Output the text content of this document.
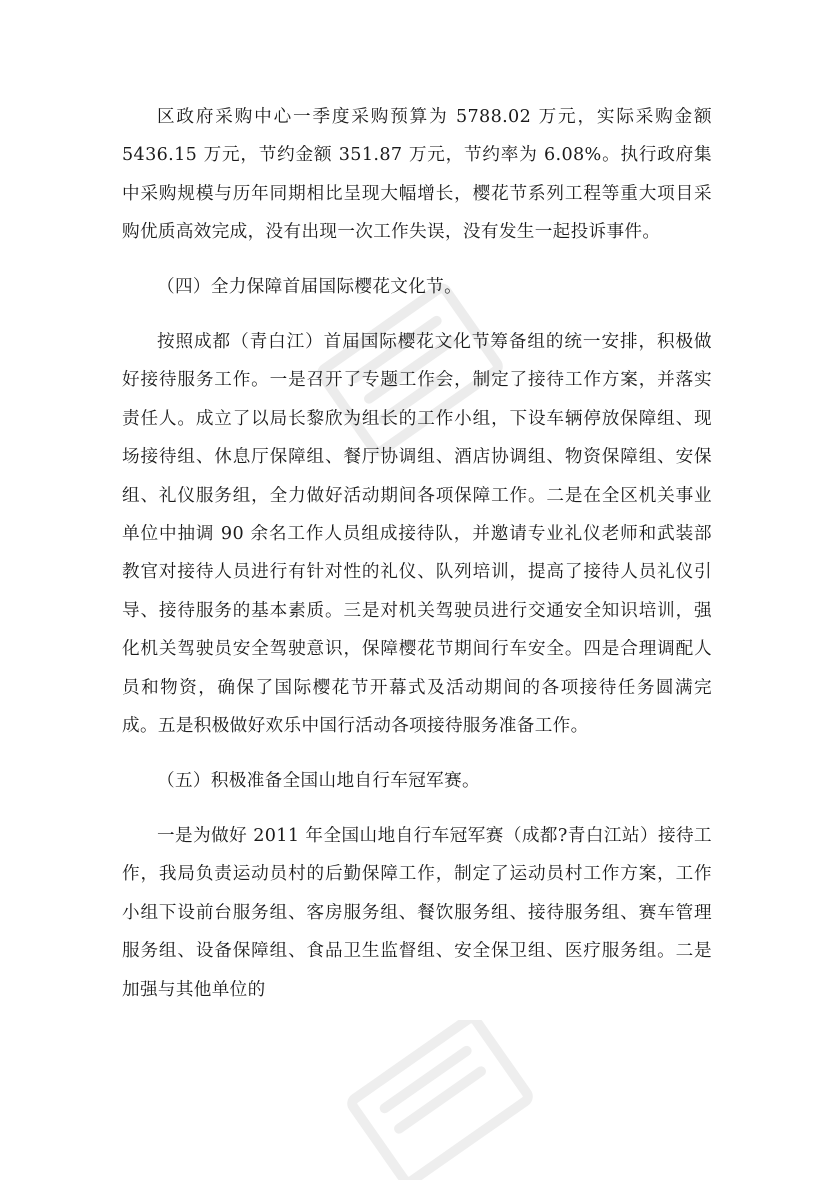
区政府采购中心一季度采购预算为 5788.02 万元，实际采购金额 5436.15 万元，节约金额 351.87 万元，节约率为 6.08%。执行政府集中采购规模与历年同期相比呈现大幅增长，樱花节系列工程等重大项目采购优质高效完成，没有出现一次工作失误，没有发生一起投诉事件。

（四）全力保障首届国际樱花文化节。

按照成都（青白江）首届国际樱花文化节筹备组的统一安排，积极做好接待服务工作。一是召开了专题工作会，制定了接待工作方案，并落实责任人。成立了以局长黎欣为组长的工作小组，下设车辆停放保障组、现场接待组、休息厅保障组、餐厅协调组、酒店协调组、物资保障组、安保组、礼仪服务组，全力做好活动期间各项保障工作。二是在全区机关事业单位中抽调 90 余名工作人员组成接待队，并邀请专业礼仪老师和武装部教官对接待人员进行有针对性的礼仪、队列培训，提高了接待人员礼仪引导、接待服务的基本素质。三是对机关驾驶员进行交通安全知识培训，强化机关驾驶员安全驾驶意识，保障樱花节期间行车安全。四是合理调配人员和物资，确保了国际樱花节开幕式及活动期间的各项接待任务圆满完成。五是积极做好欢乐中国行活动各项接待服务准备工作。

（五）积极准备全国山地自行车冠军赛。

一是为做好 2011 年全国山地自行车冠军赛（成都?青白江站）接待工作，我局负责运动员村的后勤保障工作，制定了运动员村工作方案，工作小组下设前台服务组、客房服务组、餐饮服务组、接待服务组、赛车管理服务组、设备保障组、食品卫生监督组、安全保卫组、医疗服务组。二是加强与其他单位的
